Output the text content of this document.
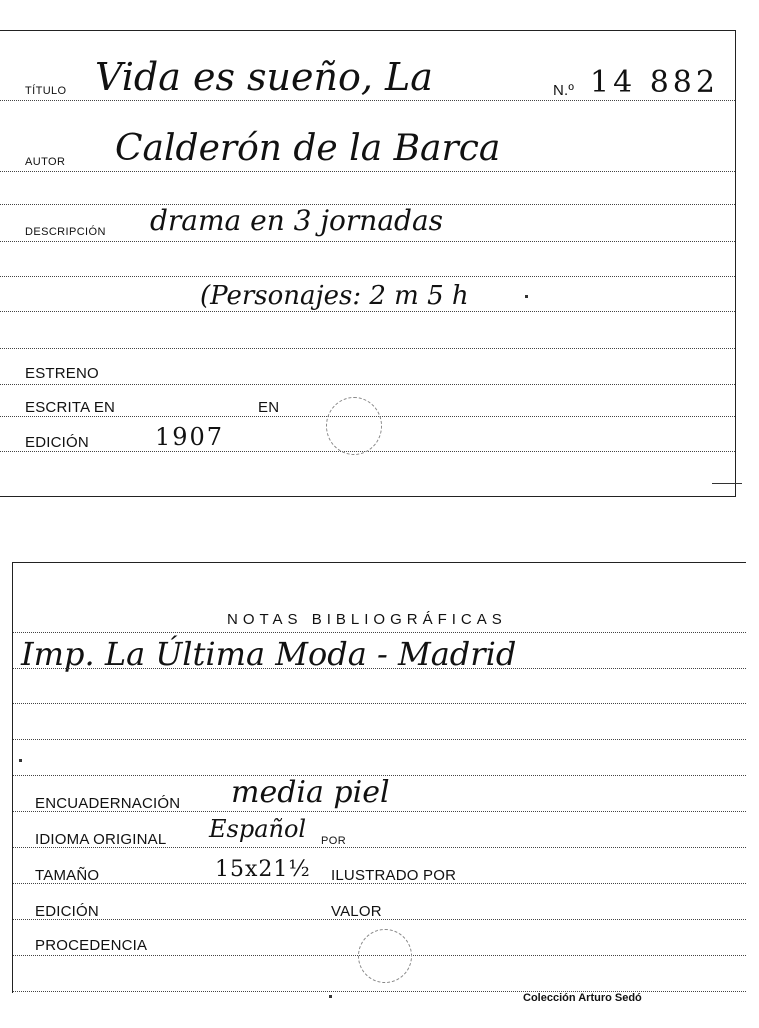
TÍTULO Vida es sueño, La	N.º 14 882
AUTOR Calderón de la Barca
DESCRIPCIÓN drama en 3 jornadas
(Personajes: 2 m 5 h
ESTRENO
ESCRITA EN	EN
EDICIÓN	1907
NOTAS BIBLIOGRÁFICAS
Imp. La Última Moda - Madrid
ENCUADERNACIÓN media piel
IDIOMA ORIGINAL Español POR
TAMAÑO	15x21½ ILUSTRADO POR
EDICIÓN	VALOR
PROCEDENCIA
Colección Arturo Sedó
